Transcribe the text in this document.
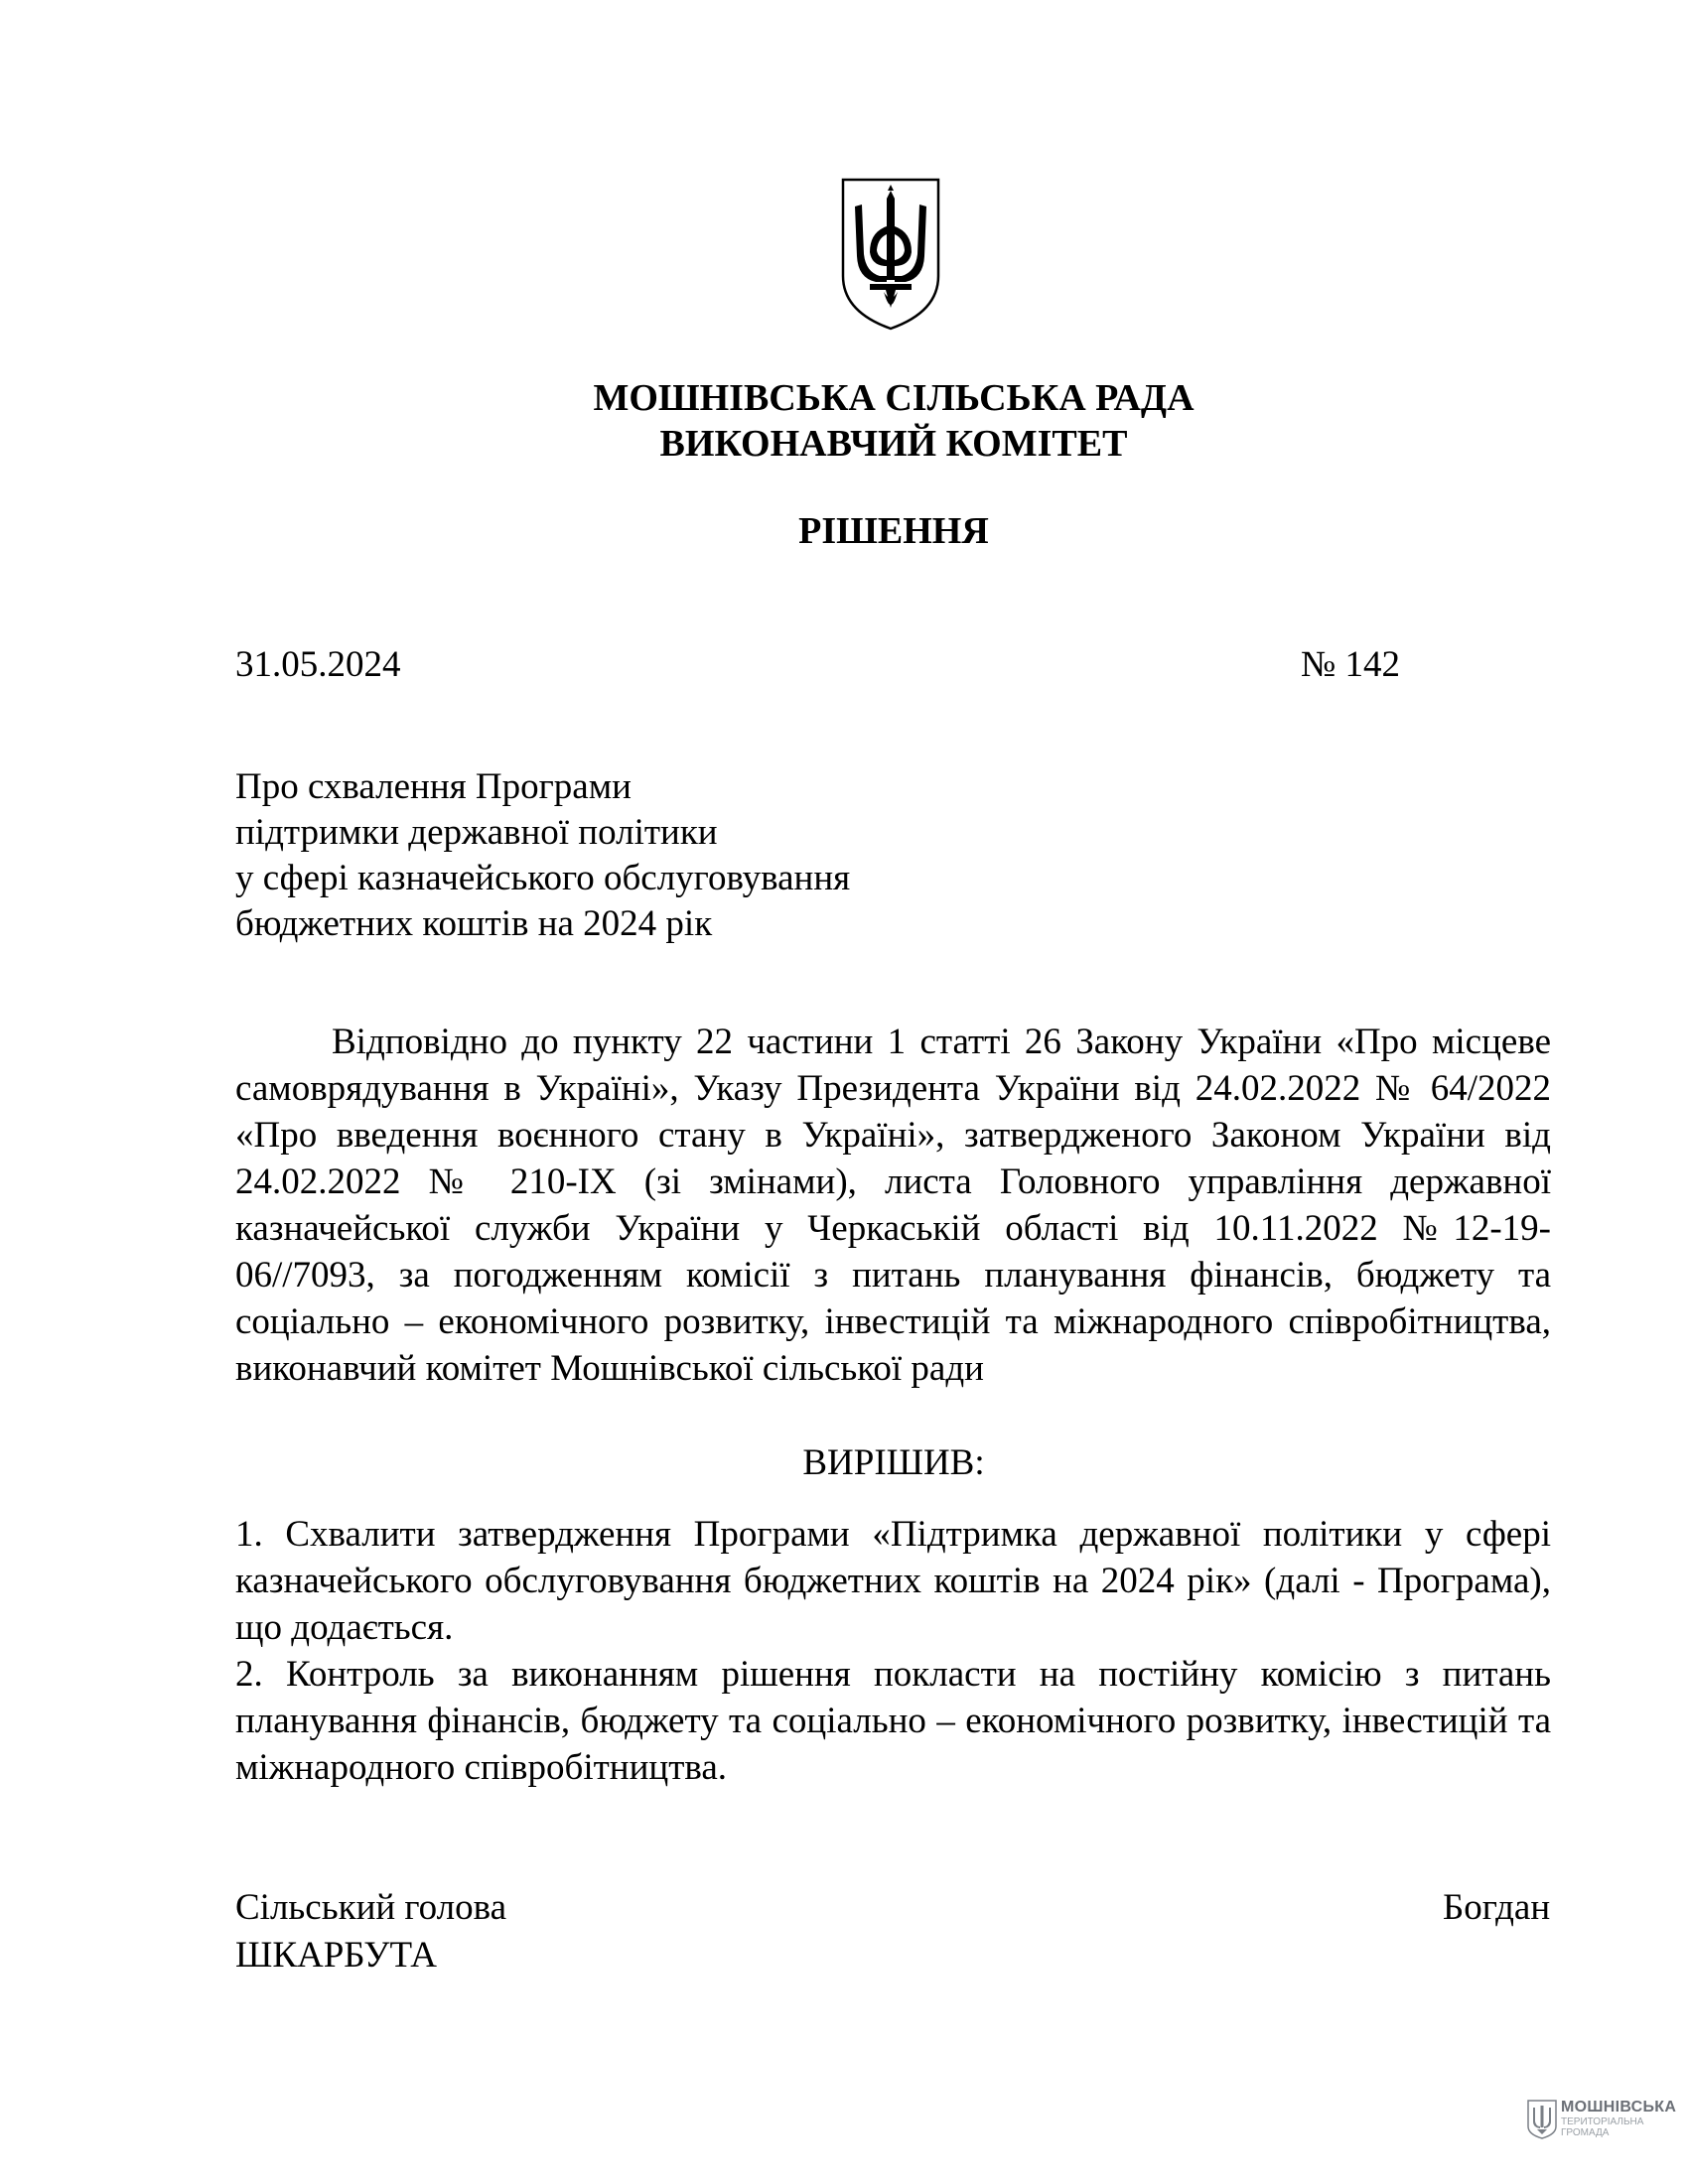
МОШНІВСЬКА СІЛЬСЬКА РАДА
ВИКОНАВЧИЙ КОМІТЕТ
РІШЕННЯ
31.05.2024	№ 142
Про схвалення Програми
підтримки державної політики
у сфері казначейського обслуговування
бюджетних коштів на 2024 рік

Відповідно до пункту 22 частини 1 статті 26 Закону України «Про місцеве самоврядування в Україні», Указу Президента України від 24.02.2022 № 64/2022 «Про введення воєнного стану в Україні», затвердженого Законом України від 24.02.2022 № 210-IX (зі змінами), листа Головного управління державної казначейської служби України у Черкаській області від 10.11.2022 №12-19-06//7093, за погодженням комісії з питань планування фінансів, бюджету та соціально – економічного розвитку, інвестицій та міжнародного співробітництва, виконавчий комітет Мошнівської сільської ради

ВИРІШИВ:

1. Схвалити затвердження Програми «Підтримка державної політики у сфері казначейського обслуговування бюджетних коштів на 2024 рік» (далі - Програма), що додається.

2. Контроль за виконанням рішення покласти на постійну комісію з питань планування фінансів, бюджету та соціально – економічного розвитку, інвестицій та міжнародного співробітництва.

Сільський голова	Богдан
ШКАРБУТА
МОШНІВСЬКА
ТЕРИТОРІАЛЬНА ГРОМАДА
